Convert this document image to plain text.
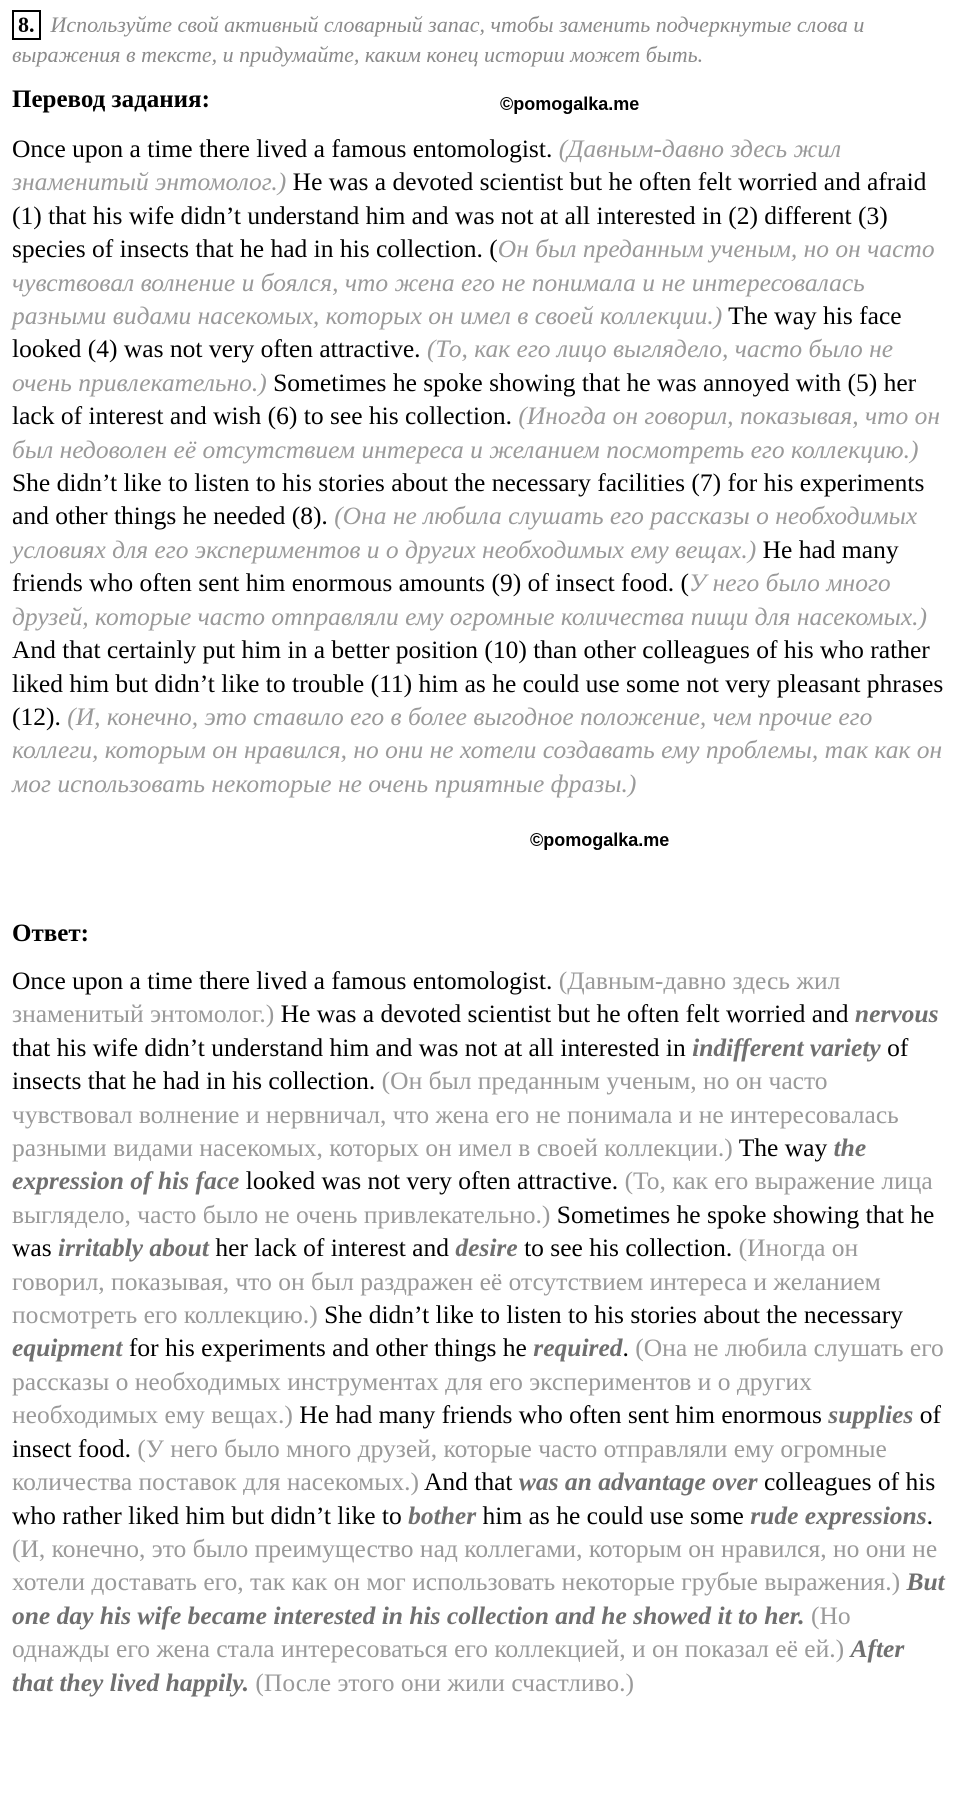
8. Используйте свой активный словарный запас, чтобы заменить подчеркнутые слова и выражения в тексте, и придумайте, каким конец истории может быть.
Перевод задания:	©pomogalka.me

Once upon a time there lived a famous entomologist. (Давным-давно здесь жил знаменитый энтомолог.) He was a devoted scientist but he often felt worried and afraid (1) that his wife didn’t understand him and was not at all interested in (2) different (3) species of insects that he had in his collection. (Он был преданным ученым, но он часто чувствовал волнение и боялся, что жена его не понимала и не интересовалась разными видами насекомых, которых он имел в своей коллекции.) The way his face looked (4) was not very often attractive. (То, как его лицо выглядело, часто было не очень привлекательно.) Sometimes he spoke showing that he was annoyed with (5) her lack of interest and wish (6) to see his collection. (Иногда он говорил, показывая, что он был недоволен её отсутствием интереса и желанием посмотреть его коллекцию.) She didn’t like to listen to his stories about the necessary facilities (7) for his experiments and other things he needed (8). (Она не любила слушать его рассказы о необходимых условиях для его экспериментов и о других необходимых ему вещах.) He had many friends who often sent him enormous amounts (9) of insect food. (У него было много друзей, которые часто отправляли ему огромные количества пищи для насекомых.) And that certainly put him in a better position (10) than other colleagues of his who rather liked him but didn’t like to trouble (11) him as he could use some not very pleasant phrases (12). (И, конечно, это ставило его в более выгодное положение, чем прочие его коллеги, которым он нравился, но они не хотели создавать ему проблемы, так как он мог использовать некоторые не очень приятные фразы.)

©pomogalka.me
Ответ:

Once upon a time there lived a famous entomologist. (Давным-давно здесь жил знаменитый энтомолог.) He was a devoted scientist but he often felt worried and nervous that his wife didn’t understand him and was not at all interested in indifferent variety of insects that he had in his collection. (Он был преданным ученым, но он часто чувствовал волнение и нервничал, что жена его не понимала и не интересовалась разными видами насекомых, которых он имел в своей коллекции.) The way the expression of his face looked was not very often attractive. (То, как его выражение лица выглядело, часто было не очень привлекательно.) Sometimes he spoke showing that he was irritably about her lack of interest and desire to see his collection. (Иногда он говорил, показывая, что он был раздражен её отсутствием интереса и желанием посмотреть его коллекцию.) She didn’t like to listen to his stories about the necessary equipment for his experiments and other things he required. (Она не любила слушать его рассказы о необходимых инструментах для его экспериментов и о других необходимых ему вещах.) He had many friends who often sent him enormous supplies of insect food. (У него было много друзей, которые часто отправляли ему огромные количества поставок для насекомых.) And that was an advantage over colleagues of his who rather liked him but didn’t like to bother him as he could use some rude expressions. (И, конечно, это было преимущество над коллегами, которым он нравился, но они не хотели доставать его, так как он мог использовать некоторые грубые выражения.) But one day his wife became interested in his collection and he showed it to her. (Но однажды его жена стала интересоваться его коллекцией, и он показал её ей.) After that they lived happily. (После этого они жили счастливо.)
